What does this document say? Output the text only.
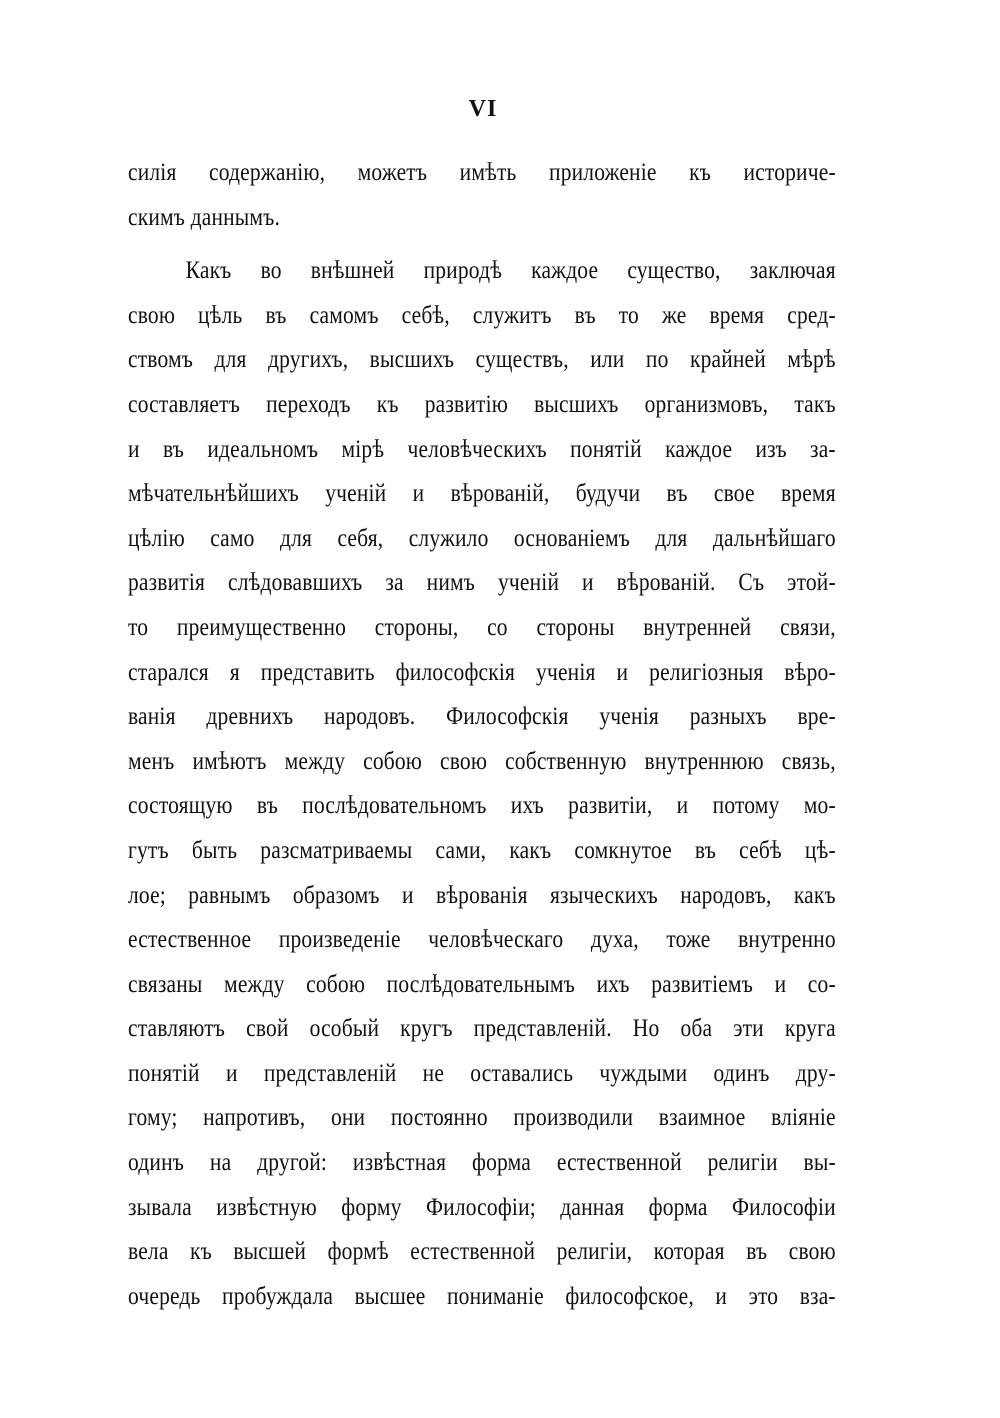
VI
силія содержанію, можетъ имѣть приложеніе къ историче-
скимъ даннымъ.
Какъ во внѣшней природѣ каждое существо, заключая
свою цѣль въ самомъ себѣ, служитъ въ то же время сред-
ствомъ для другихъ, высшихъ существъ, или по крайней мѣрѣ
составляетъ переходъ къ развитію высшихъ организмовъ, такъ
и въ идеальномъ мірѣ человѣческихъ понятій каждое изъ за-
мѣчательнѣйшихъ ученій и вѣрованій, будучи въ свое время
цѣлію само для себя, служило основаніемъ для дальнѣйшаго
развитія слѣдовавшихъ за нимъ ученій и вѣрованій. Съ этой-
то преимущественно стороны, со стороны внутренней связи,
старался я представить философскія ученія и религіозныя вѣро-
ванія древнихъ народовъ. Философскія ученія разныхъ вре-
менъ имѣютъ между собою свою собственную внутреннюю связь,
состоящую въ послѣдовательномъ ихъ развитіи, и потому мо-
гутъ быть разсматриваемы сами, какъ сомкнутое въ себѣ цѣ-
лое; равнымъ образомъ и вѣрованія языческихъ народовъ, какъ
естественное произведеніе человѣческаго духа, тоже внутренно
связаны между собою послѣдовательнымъ ихъ развитіемъ и со-
ставляютъ свой особый кругъ представленій. Но оба эти круга
понятій и представленій не оставались чуждыми одинъ дру-
гому; напротивъ, они постоянно производили взаимное вліяніе
одинъ на другой: извѣстная форма естественной религіи вы-
зывала извѣстную форму Философіи; данная форма Философіи
вела къ высшей формѣ естественной религіи, которая въ свою
очередь пробуждала высшее пониманіе философское, и это вза-
